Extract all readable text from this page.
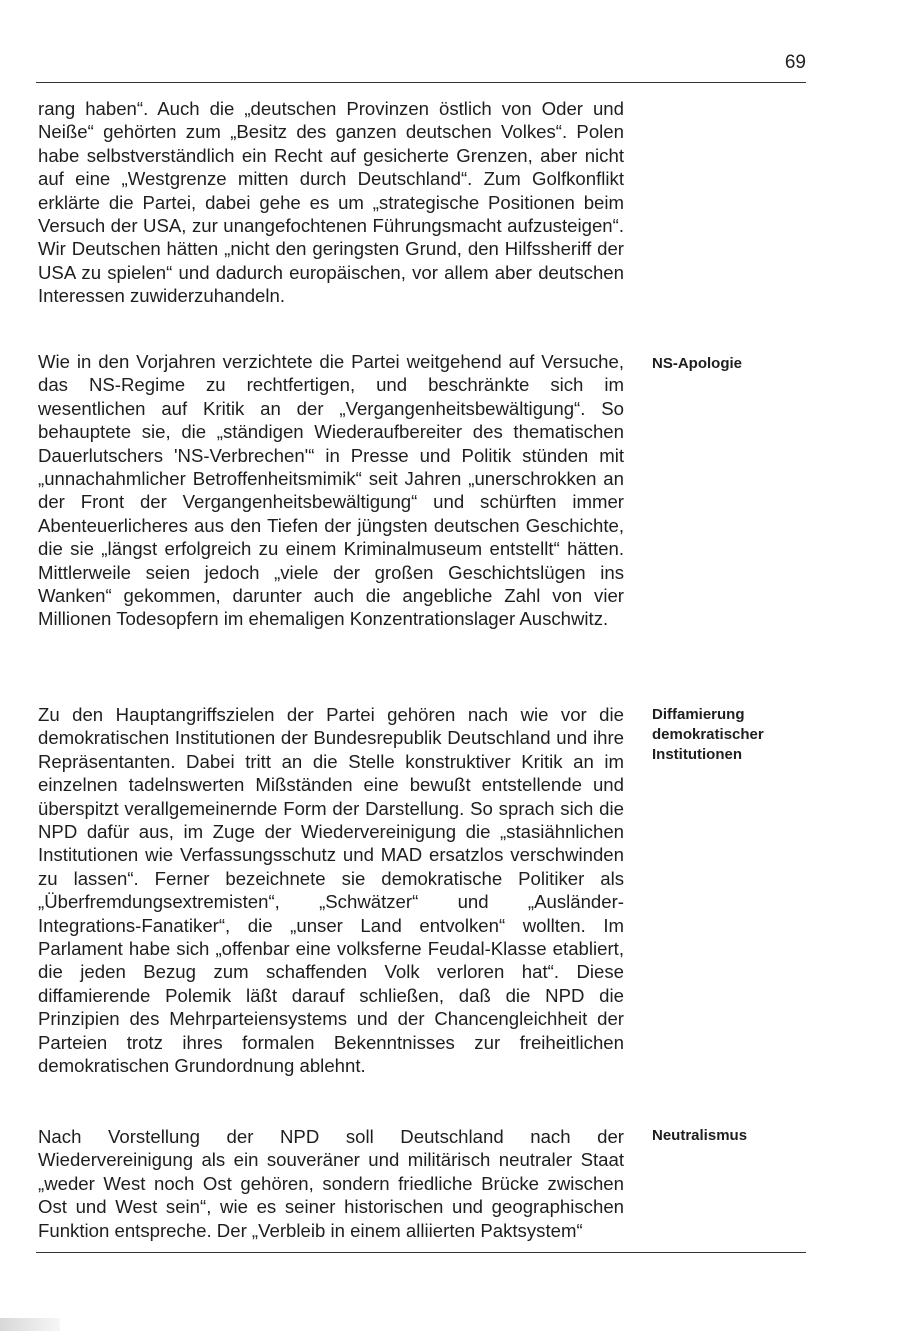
69

rang haben“. Auch die „deutschen Provinzen östlich von Oder und Neiße“ gehörten zum „Besitz des ganzen deutschen Volkes“. Polen habe selbstverständlich ein Recht auf gesicherte Grenzen, aber nicht auf eine „Westgrenze mitten durch Deutschland“. Zum Golfkonflikt erklärte die Partei, dabei gehe es um „strategische Positionen beim Versuch der USA, zur unangefochtenen Führungsmacht aufzusteigen“. Wir Deutschen hätten „nicht den geringsten Grund, den Hilfssheriff der USA zu spielen“ und dadurch europäischen, vor allem aber deutschen Interessen zuwiderzuhandeln.

Wie in den Vorjahren verzichtete die Partei weitgehend auf Versuche, das NS-Regime zu rechtfertigen, und beschränkte sich im wesentlichen auf Kritik an der „Vergangenheitsbewältigung“. So behauptete sie, die „ständigen Wiederaufbereiter des thematischen Dauerlutschers 'NS-Verbrechen'“ in Presse und Politik stünden mit „unnachahmlicher Betroffenheitsmimik“ seit Jahren „unerschrokken an der Front der Vergangenheitsbewältigung“ und schürften immer Abenteuerlicheres aus den Tiefen der jüngsten deutschen Geschichte, die sie „längst erfolgreich zu einem Kriminalmuseum entstellt“ hätten. Mittlerweile seien jedoch „viele der großen Geschichtslügen ins Wanken“ gekommen, darunter auch die angebliche Zahl von vier Millionen Todesopfern im ehemaligen Konzentrationslager Auschwitz.

NS-Apologie

Zu den Hauptangriffszielen der Partei gehören nach wie vor die demokratischen Institutionen der Bundesrepublik Deutschland und ihre Repräsentanten. Dabei tritt an die Stelle konstruktiver Kritik an im einzelnen tadelnswerten Mißständen eine bewußt entstellende und überspitzt verallgemeinernde Form der Darstellung. So sprach sich die NPD dafür aus, im Zuge der Wiedervereinigung die „stasiähnlichen Institutionen wie Verfassungsschutz und MAD ersatzlos verschwinden zu lassen“. Ferner bezeichnete sie demokratische Politiker als „Überfremdungsextremisten“, „Schwätzer“ und „Ausländer-Integrations-Fanatiker“, die „unser Land entvolken“ wollten. Im Parlament habe sich „offenbar eine volksferne Feudal-Klasse etabliert, die jeden Bezug zum schaffenden Volk verloren hat“. Diese diffamierende Polemik läßt darauf schließen, daß die NPD die Prinzipien des Mehrparteiensystems und der Chancengleichheit der Parteien trotz ihres formalen Bekenntnisses zur freiheitlichen demokratischen Grundordnung ablehnt.

Diffamierung
demokratischer
Institutionen

Nach Vorstellung der NPD soll Deutschland nach der Wiedervereinigung als ein souveräner und militärisch neutraler Staat „weder West noch Ost gehören, sondern friedliche Brücke zwischen Ost und West sein“, wie es seiner historischen und geographischen Funktion entspreche. Der „Verbleib in einem alliierten Paktsystem“

Neutralismus
